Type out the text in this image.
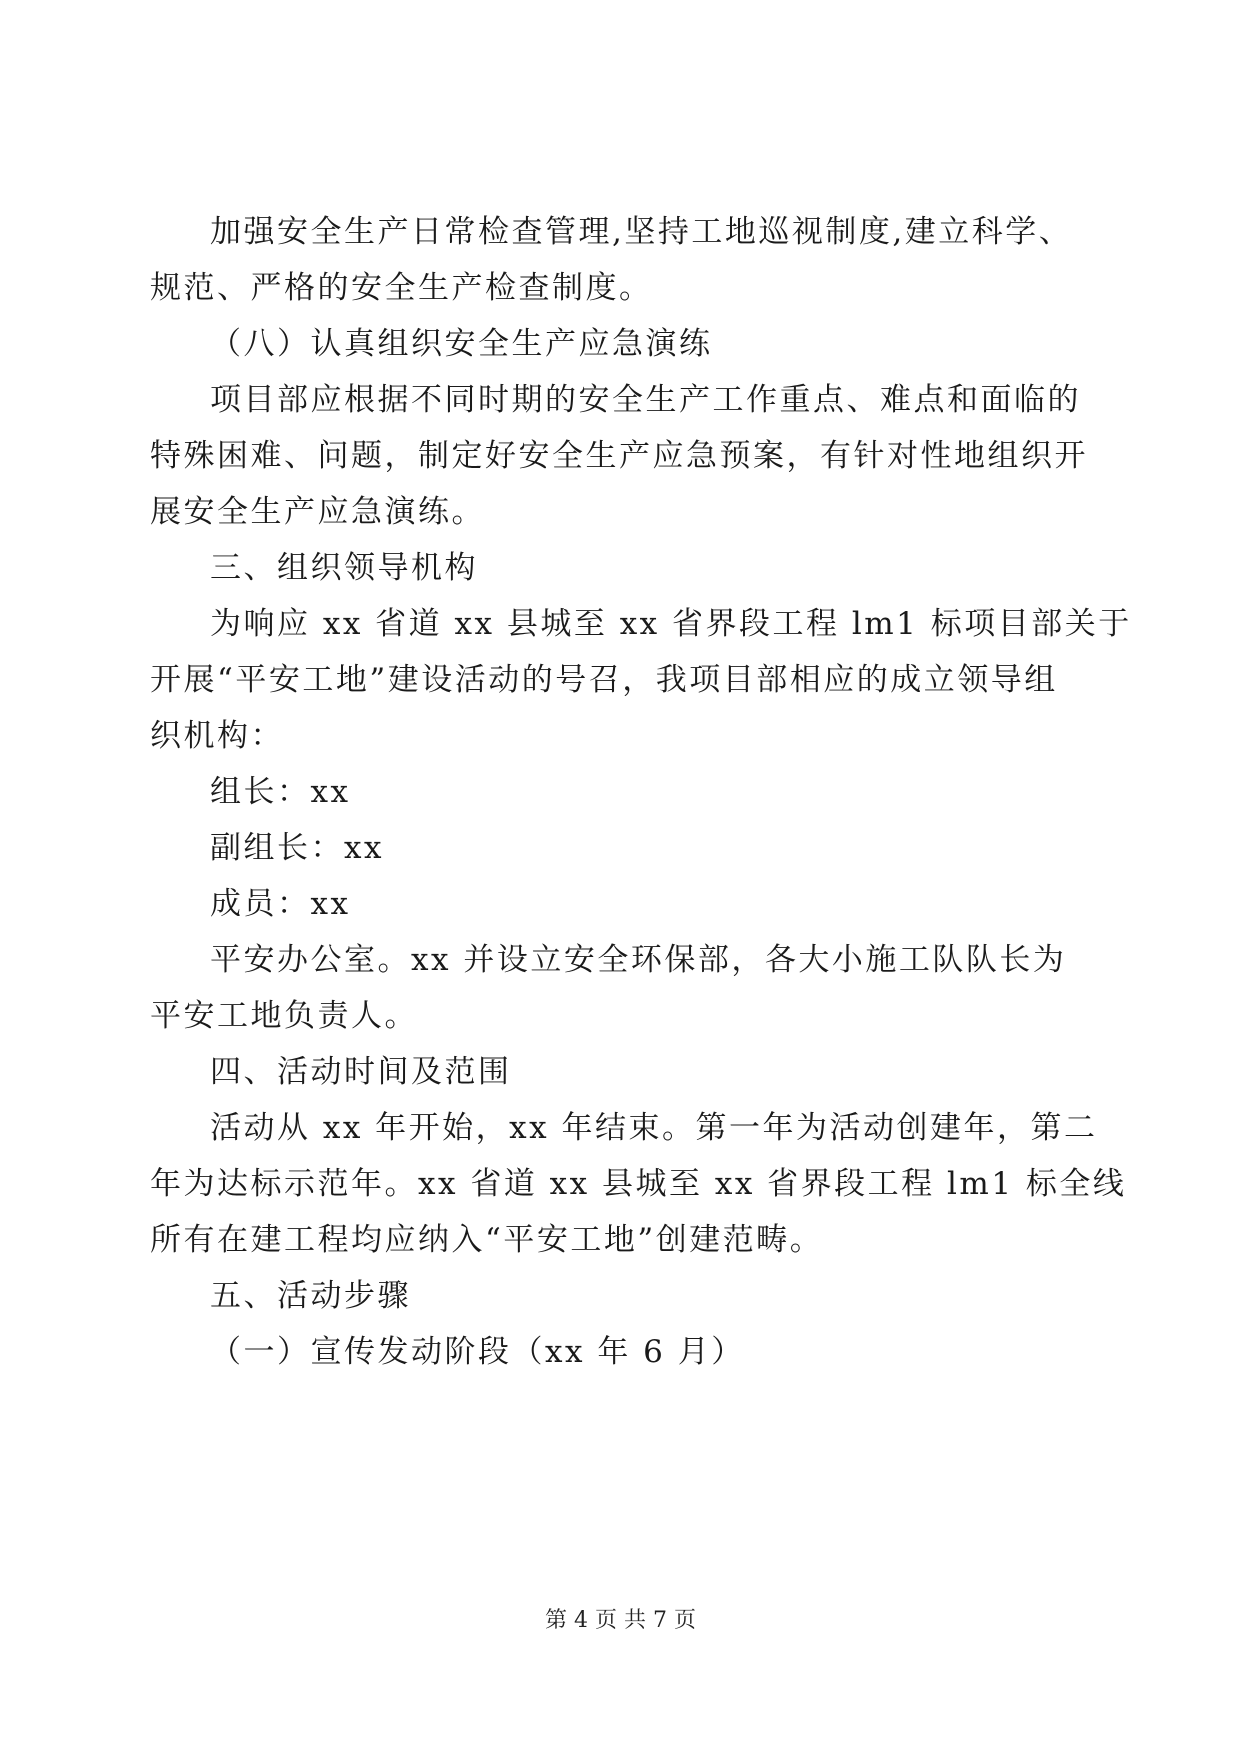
加强安全生产日常检查管理,坚持工地巡视制度,建立科学、
规范、严格的安全生产检查制度。
（八）认真组织安全生产应急演练
项目部应根据不同时期的安全生产工作重点、难点和面临的
特殊困难、问题，制定好安全生产应急预案，有针对性地组织开
展安全生产应急演练。
三、组织领导机构
为响应 xx 省道 xx 县城至 xx 省界段工程 lm1 标项目部关于
开展“平安工地”建设活动的号召，我项目部相应的成立领导组
织机构：
组长：xx
副组长：xx
成员：xx
平安办公室。xx 并设立安全环保部，各大小施工队队长为
平安工地负责人。
四、活动时间及范围
活动从 xx 年开始，xx 年结束。第一年为活动创建年，第二
年为达标示范年。xx 省道 xx 县城至 xx 省界段工程 lm1 标全线
所有在建工程均应纳入“平安工地”创建范畴。
五、活动步骤
（一）宣传发动阶段（xx 年 6 月）
第 4 页 共 7 页
